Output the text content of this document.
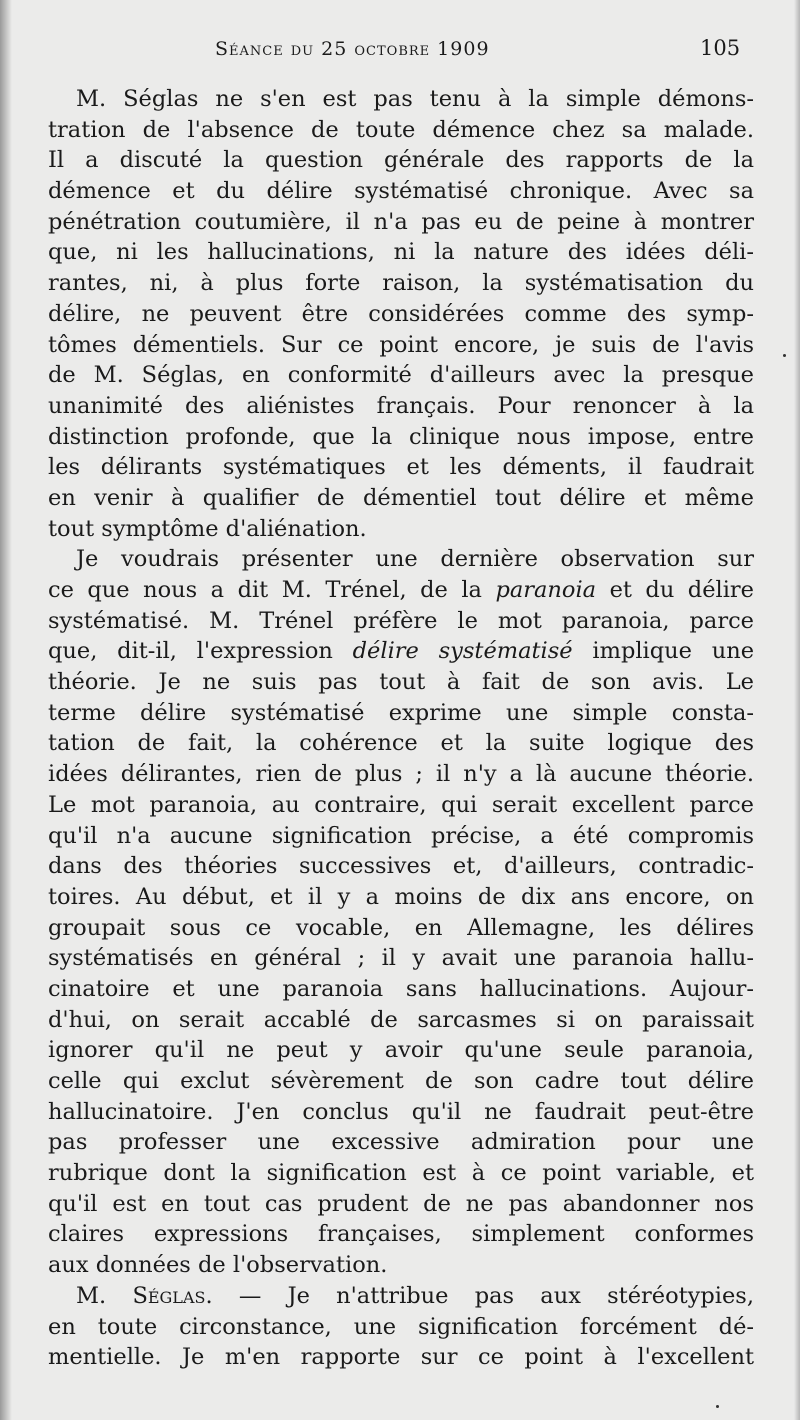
Séance du 25 octobre 1909	105
M. Séglas ne s'en est pas tenu à la simple démons-
tration de l'absence de toute démence chez sa malade.
Il a discuté la question générale des rapports de la
démence et du délire systématisé chronique. Avec sa
pénétration coutumière, il n'a pas eu de peine à montrer
que, ni les hallucinations, ni la nature des idées déli-
rantes, ni, à plus forte raison, la systématisation du
délire, ne peuvent être considérées comme des symp-
tômes démentiels. Sur ce point encore, je suis de l'avis
de M. Séglas, en conformité d'ailleurs avec la presque
unanimité des aliénistes français. Pour renoncer à la
distinction profonde, que la clinique nous impose, entre
les délirants systématiques et les déments, il faudrait
en venir à qualifier de démentiel tout délire et même
tout symptôme d'aliénation.
Je voudrais présenter une dernière observation sur
ce que nous a dit M. Trénel, de la paranoia et du délire
systématisé. M. Trénel préfère le mot paranoia, parce
que, dit-il, l'expression délire systématisé implique une
théorie. Je ne suis pas tout à fait de son avis. Le
terme délire systématisé exprime une simple consta-
tation de fait, la cohérence et la suite logique des
idées délirantes, rien de plus ; il n'y a là aucune théorie.
Le mot paranoia, au contraire, qui serait excellent parce
qu'il n'a aucune signification précise, a été compromis
dans des théories successives et, d'ailleurs, contradic-
toires. Au début, et il y a moins de dix ans encore, on
groupait sous ce vocable, en Allemagne, les délires
systématisés en général ; il y avait une paranoia hallu-
cinatoire et une paranoia sans hallucinations. Aujour-
d'hui, on serait accablé de sarcasmes si on paraissait
ignorer qu'il ne peut y avoir qu'une seule paranoia,
celle qui exclut sévèrement de son cadre tout délire
hallucinatoire. J'en conclus qu'il ne faudrait peut-être
pas professer une excessive admiration pour une
rubrique dont la signification est à ce point variable, et
qu'il est en tout cas prudent de ne pas abandonner nos
claires expressions françaises, simplement conformes
aux données de l'observation.
M. Séglas. — Je n'attribue pas aux stéréotypies,
en toute circonstance, une signification forcément dé-
mentielle. Je m'en rapporte sur ce point à l'excellent
